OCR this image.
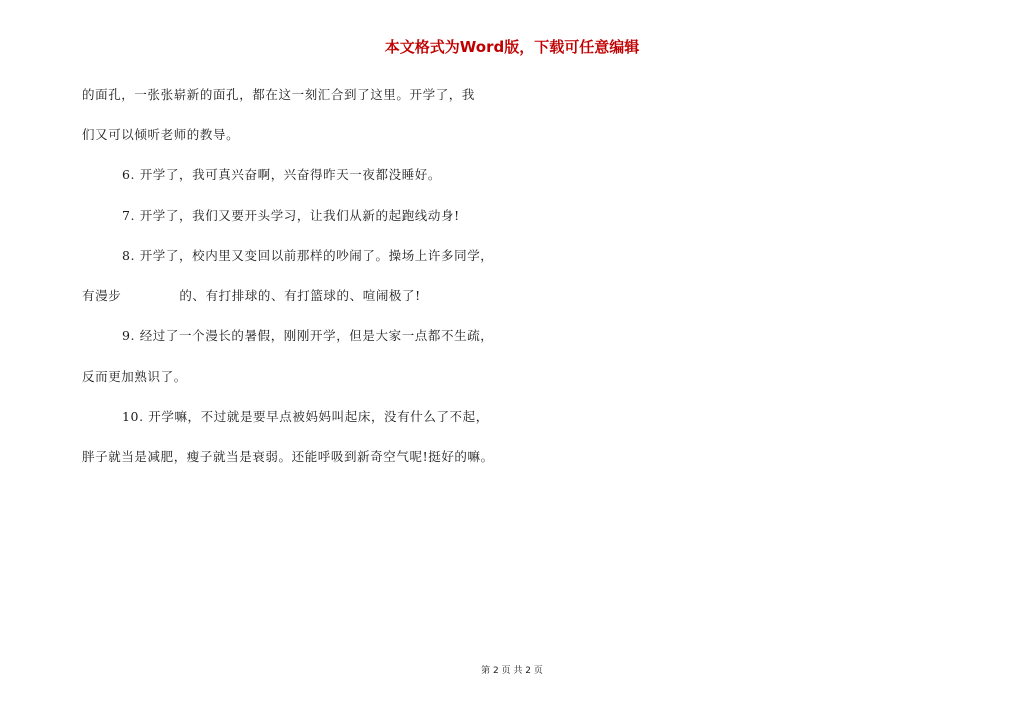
本文格式为Word版，下载可任意编辑
的面孔，一张张崭新的面孔，都在这一刻汇合到了这里。开学了，我
们又可以倾听老师的教导。
6. 开学了，我可真兴奋啊，兴奋得昨天一夜都没睡好。
7. 开学了，我们又要开头学习，让我们从新的起跑线动身!
8. 开学了，校内里又变回以前那样的吵闹了。操场上许多同学，
有漫步	的、有打排球的、有打篮球的、喧闹极了!
9. 经过了一个漫长的暑假，刚刚开学，但是大家一点都不生疏，
反而更加熟识了。
10. 开学嘛，不过就是要早点被妈妈叫起床，没有什么了不起，
胖子就当是减肥，瘦子就当是衰弱。还能呼吸到新奇空气呢!挺好的嘛。
第 2 页 共 2 页
